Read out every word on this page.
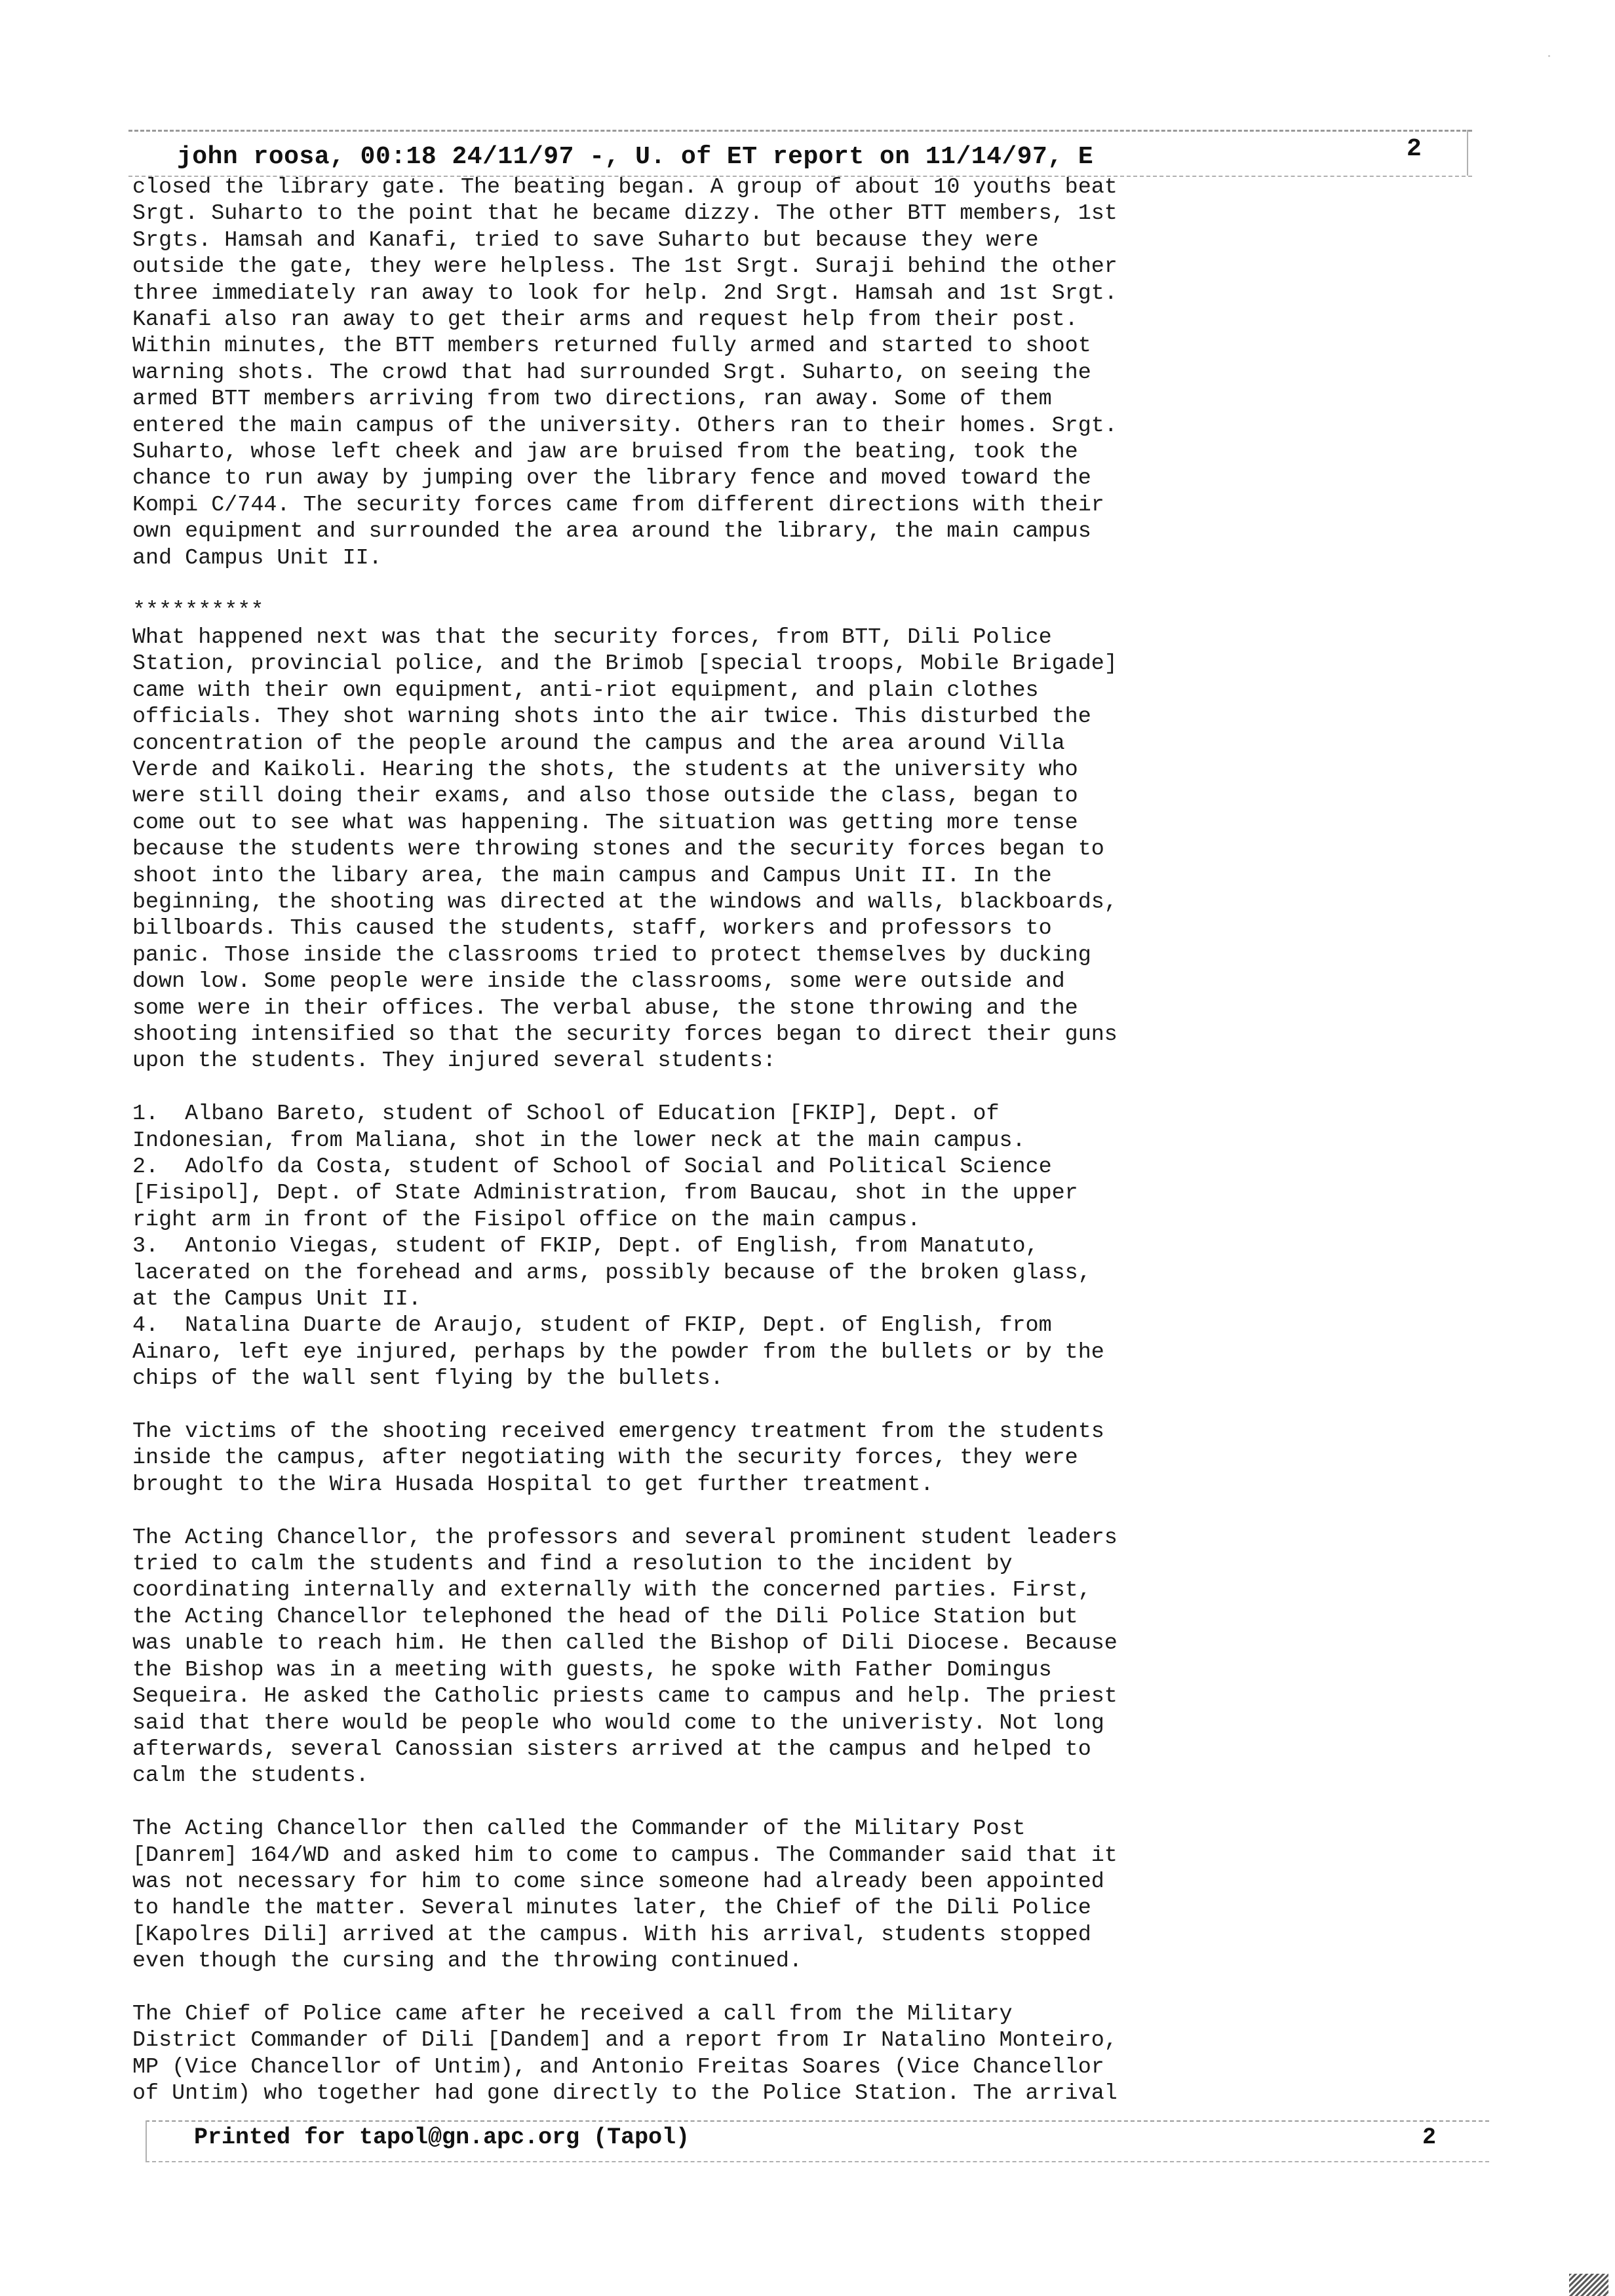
john roosa, 00:18 24/11/97 -, U. of ET report on 11/14/97, E	2

closed the library gate. The beating began. A group of about 10 youths beat
Srgt. Suharto to the point that he became dizzy. The other BTT members, 1st
Srgts. Hamsah and Kanafi, tried to save Suharto but because they were
outside the gate, they were helpless. The 1st Srgt. Suraji behind the other
three immediately ran away to look for help. 2nd Srgt. Hamsah and 1st Srgt.
Kanafi also ran away to get their arms and request help from their post.
Within minutes, the BTT members returned fully armed and started to shoot
warning shots. The crowd that had surrounded Srgt. Suharto, on seeing the
armed BTT members arriving from two directions, ran away. Some of them
entered the main campus of the university. Others ran to their homes. Srgt.
Suharto, whose left cheek and jaw are bruised from the beating, took the
chance to run away by jumping over the library fence and moved toward the
Kompi C/744. The security forces came from different directions with their
own equipment and surrounded the area around the library, the main campus
and Campus Unit II.

**********
What happened next was that the security forces, from BTT, Dili Police
Station, provincial police, and the Brimob [special troops, Mobile Brigade]
came with their own equipment, anti-riot equipment, and plain clothes
officials. They shot warning shots into the air twice. This disturbed the
concentration of the people around the campus and the area around Villa
Verde and Kaikoli. Hearing the shots, the students at the university who
were still doing their exams, and also those outside the class, began to
come out to see what was happening. The situation was getting more tense
because the students were throwing stones and the security forces began to
shoot into the libary area, the main campus and Campus Unit II. In the
beginning, the shooting was directed at the windows and walls, blackboards,
billboards. This caused the students, staff, workers and professors to
panic. Those inside the classrooms tried to protect themselves by ducking
down low. Some people were inside the classrooms, some were outside and
some were in their offices. The verbal abuse, the stone throwing and the
shooting intensified so that the security forces began to direct their guns
upon the students. They injured several students:

1.  Albano Bareto, student of School of Education [FKIP], Dept. of
Indonesian, from Maliana, shot in the lower neck at the main campus.
2.  Adolfo da Costa, student of School of Social and Political Science
[Fisipol], Dept. of State Administration, from Baucau, shot in the upper
right arm in front of the Fisipol office on the main campus.
3.  Antonio Viegas, student of FKIP, Dept. of English, from Manatuto,
lacerated on the forehead and arms, possibly because of the broken glass,
at the Campus Unit II.
4.  Natalina Duarte de Araujo, student of FKIP, Dept. of English, from
Ainaro, left eye injured, perhaps by the powder from the bullets or by the
chips of the wall sent flying by the bullets.

The victims of the shooting received emergency treatment from the students
inside the campus, after negotiating with the security forces, they were
brought to the Wira Husada Hospital to get further treatment.

The Acting Chancellor, the professors and several prominent student leaders
tried to calm the students and find a resolution to the incident by
coordinating internally and externally with the concerned parties. First,
the Acting Chancellor telephoned the head of the Dili Police Station but
was unable to reach him. He then called the Bishop of Dili Diocese. Because
the Bishop was in a meeting with guests, he spoke with Father Domingus
Sequeira. He asked the Catholic priests came to campus and help. The priest
said that there would be people who would come to the univeristy. Not long
afterwards, several Canossian sisters arrived at the campus and helped to
calm the students.

The Acting Chancellor then called the Commander of the Military Post
[Danrem] 164/WD and asked him to come to campus. The Commander said that it
was not necessary for him to come since someone had already been appointed
to handle the matter. Several minutes later, the Chief of the Dili Police
[Kapolres Dili] arrived at the campus. With his arrival, students stopped
even though the cursing and the throwing continued.

The Chief of Police came after he received a call from the Military
District Commander of Dili [Dandem] and a report from Ir Natalino Monteiro,
MP (Vice Chancellor of Untim), and Antonio Freitas Soares (Vice Chancellor
of Untim) who together had gone directly to the Police Station. The arrival

Printed for tapol@gn.apc.org (Tapol)	2
